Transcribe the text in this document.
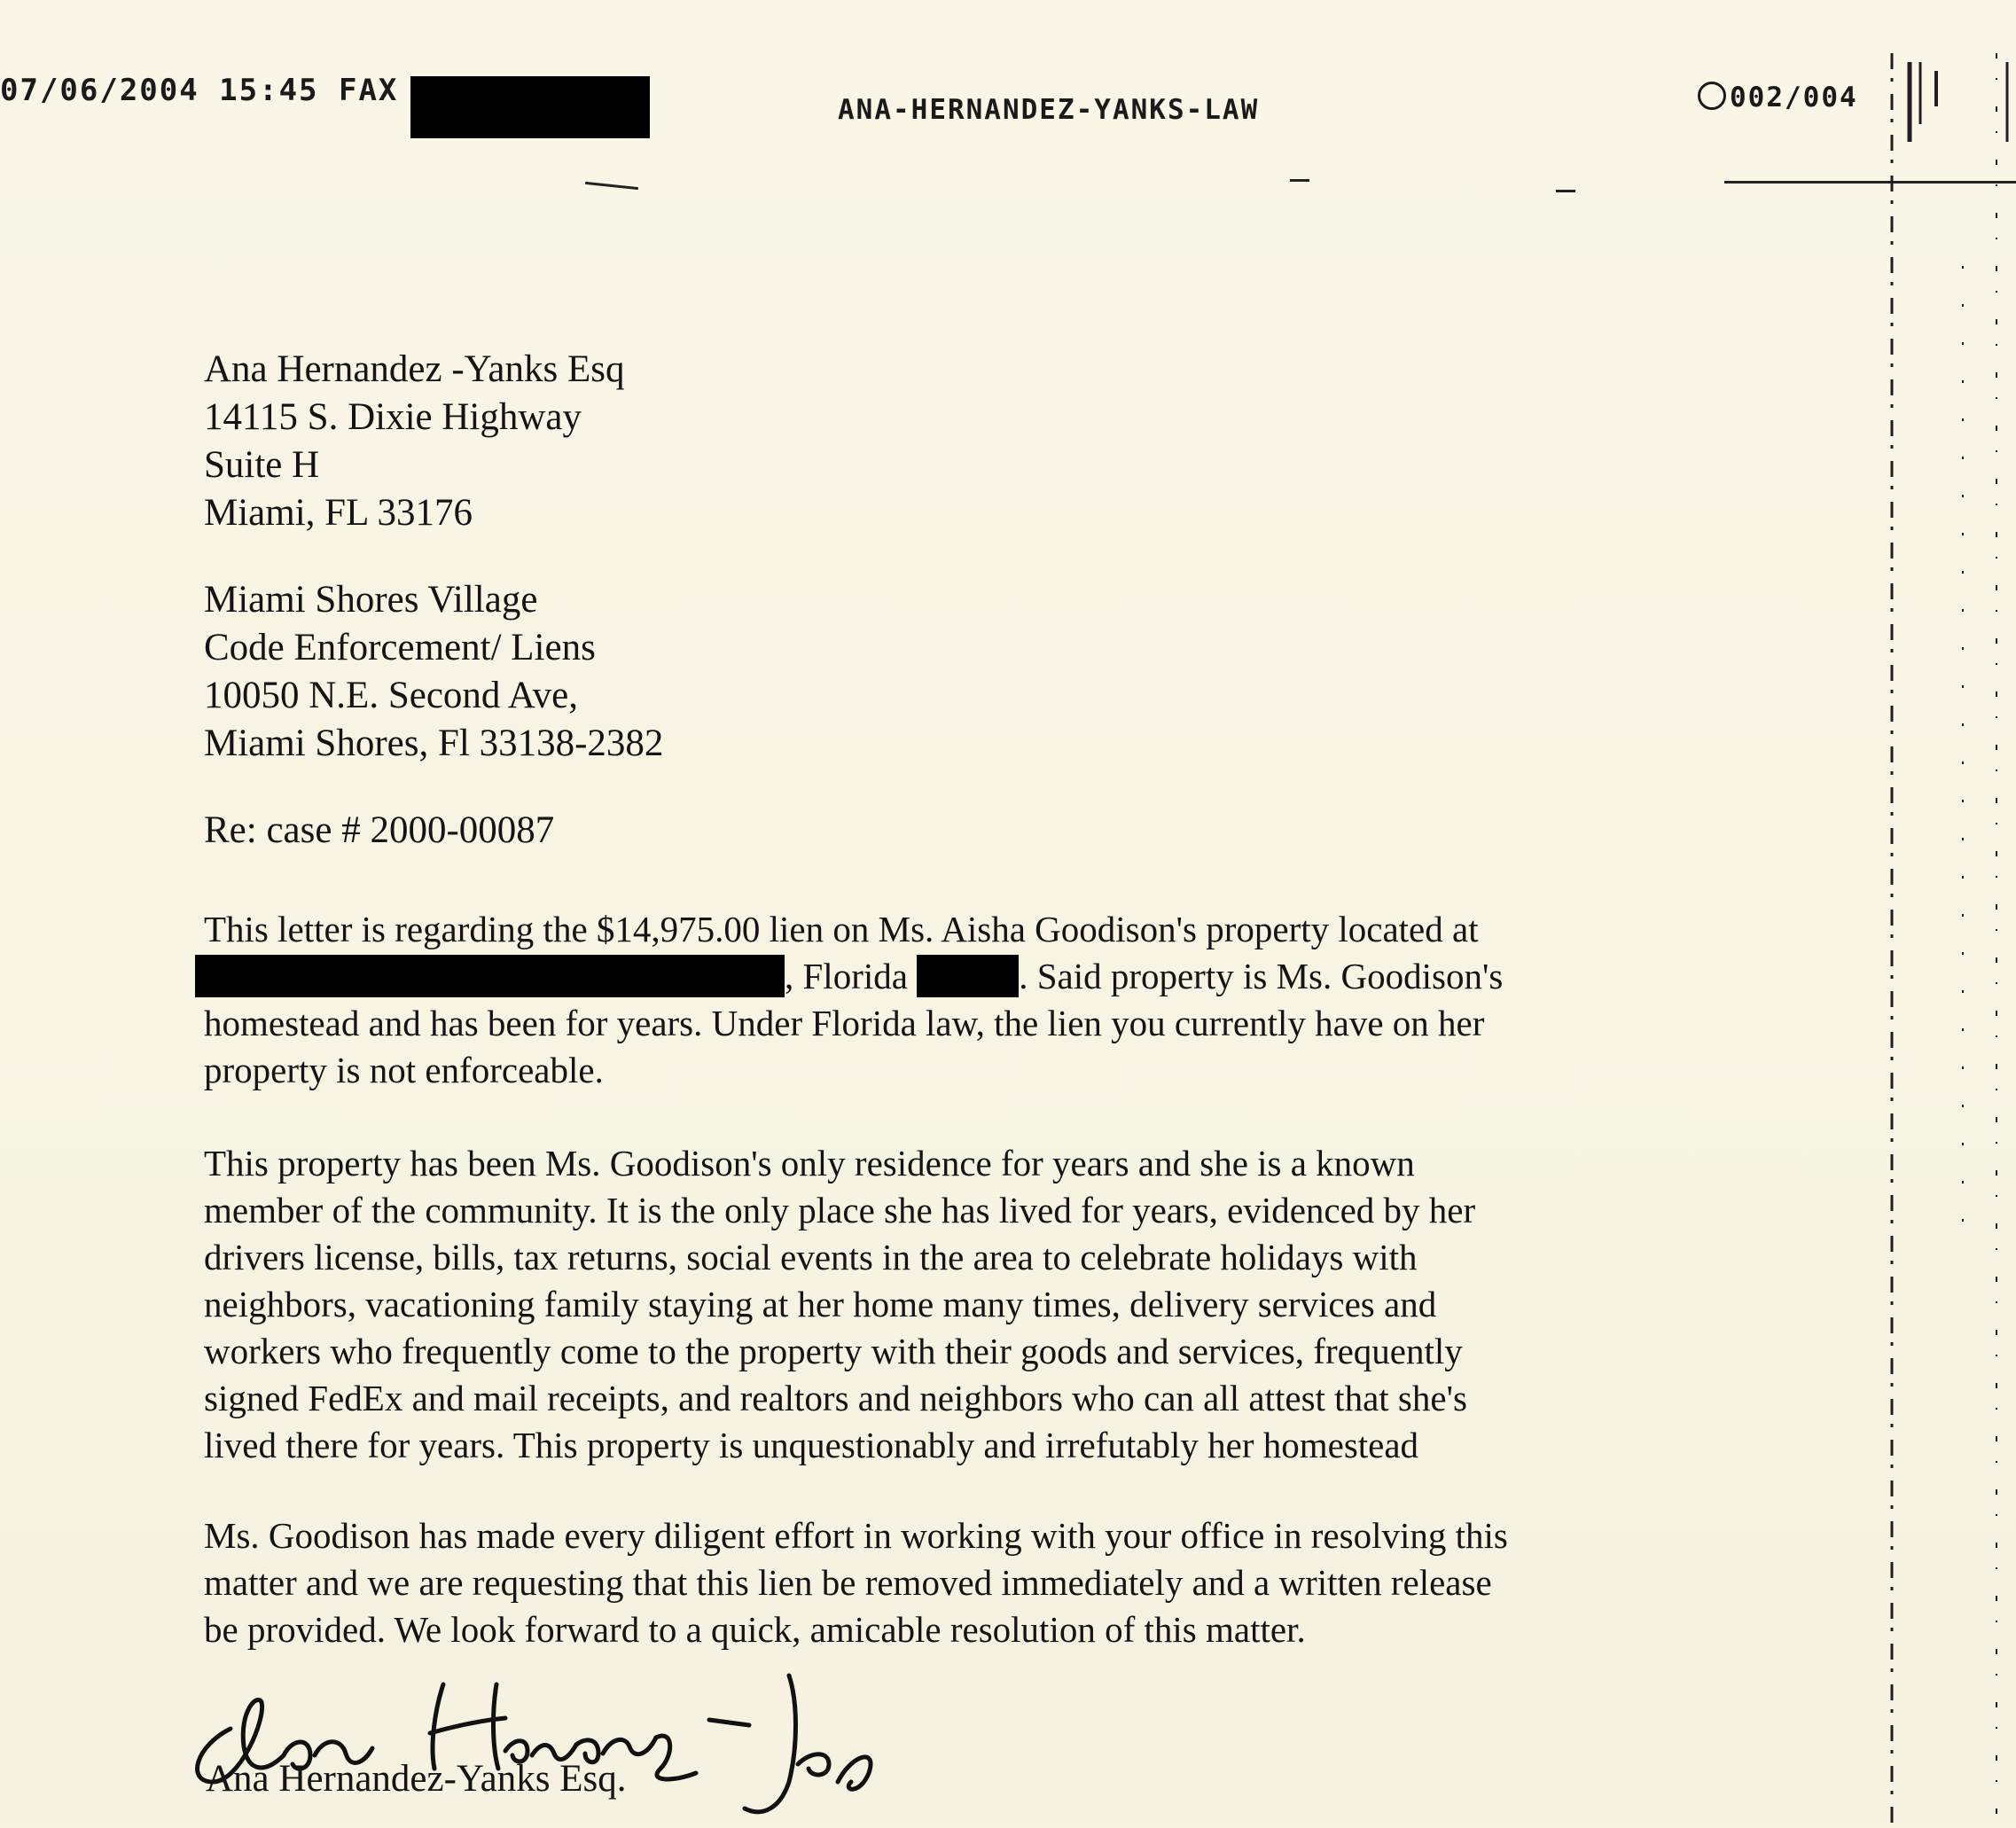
07/06/2004 15:45 FAX
ANA-HERNANDEZ-YANKS-LAW	002/004
Ana Hernandez -Yanks Esq
14115 S. Dixie Highway
Suite H
Miami, FL 33176
Miami Shores Village
Code Enforcement/ Liens
10050 N.E. Second Ave,
Miami Shores, Fl 33138-2382
Re: case # 2000-00087
This letter is regarding the $14,975.00 lien on Ms. Aisha Goodison's property located at
, Florida	. Said property is Ms. Goodison's
homestead and has been for years. Under Florida law, the lien you currently have on her
property is not enforceable.
This property has been Ms. Goodison's only residence for years and she is a known
member of the community. It is the only place she has lived for years, evidenced by her
drivers license, bills, tax returns, social events in the area to celebrate holidays with
neighbors, vacationing family staying at her home many times, delivery services and
workers who frequently come to the property with their goods and services, frequently
signed FedEx and mail receipts, and realtors and neighbors who can all attest that she's
lived there for years. This property is unquestionably and irrefutably her homestead
Ms. Goodison has made every diligent effort in working with your office in resolving this
matter and we are requesting that this lien be removed immediately and a written release
be provided. We look forward to a quick, amicable resolution of this matter.
Ana Hernandez-Yanks Esq.
